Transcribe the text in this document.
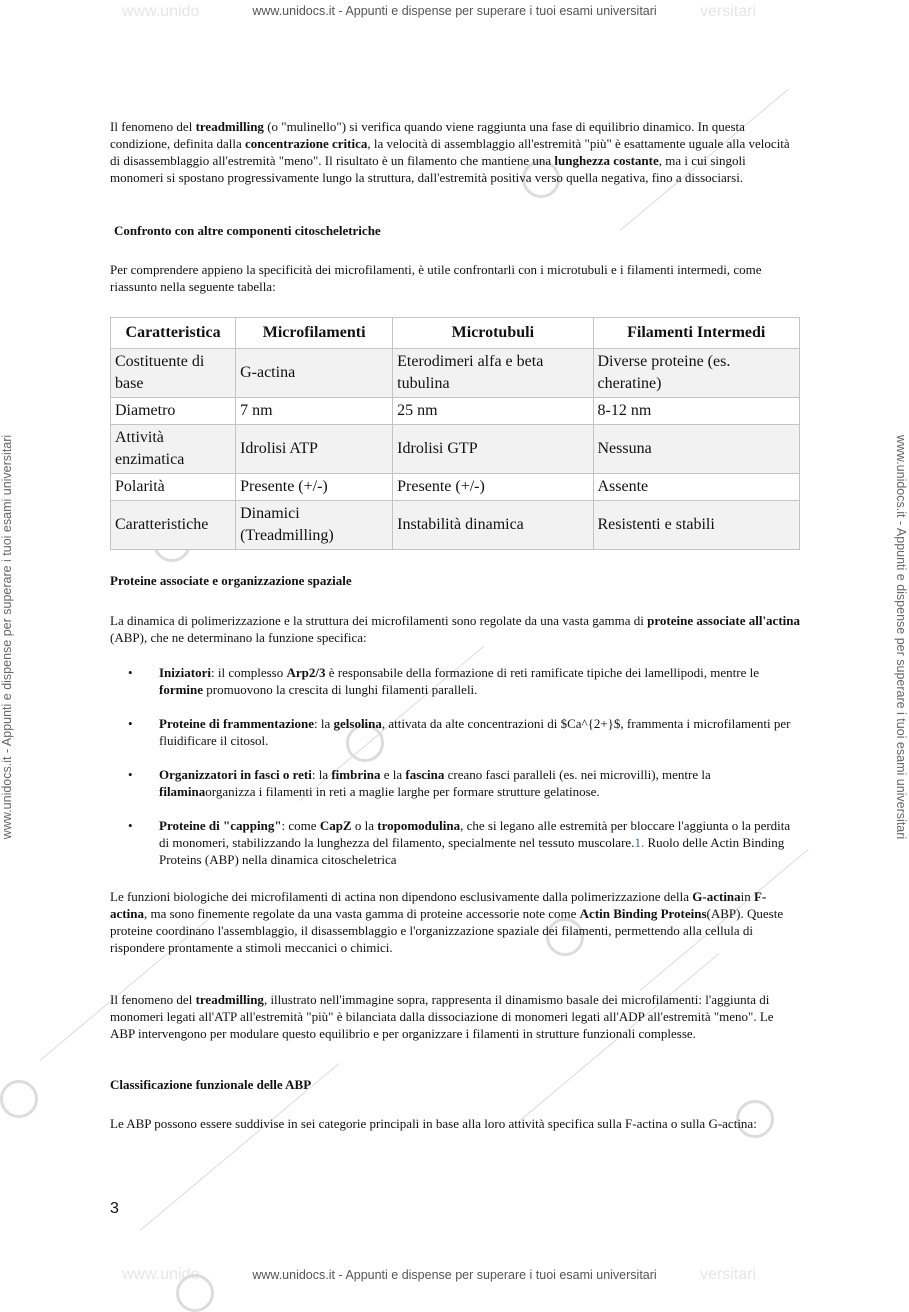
www.unido	versitari
www.unidocs.it - Appunti e dispense per superare i tuoi esami universitari
www.unido	versitari
www.unidocs.it - Appunti e dispense per superare i tuoi esami universitari
www.unidocs.it - Appunti e dispense per superare i tuoi esami universitari	www.unidocs.it - Appunti e dispense per superare i tuoi esami universitari

Il fenomeno del treadmilling (o "mulinello") si verifica quando viene raggiunta una fase di equilibrio dinamico. In questa condizione, definita dalla concentrazione critica, la velocità di assemblaggio all'estremità "più" è esattamente uguale alla velocità di disassemblaggio all'estremità "meno". Il risultato è un filamento che mantiene una lunghezza costante, ma i cui singoli monomeri si spostano progressivamente lungo la struttura, dall'estremità positiva verso quella negativa, fino a dissociarsi.

Confronto con altre componenti citoscheletriche

Per comprendere appieno la specificità dei microfilamenti, è utile confrontarli con i microtubuli e i filamenti intermedi, come riassunto nella seguente tabella:

Caratteristica	Microfilamenti	Microtubuli	Filamenti Intermedi
Costituente di base	G-actina	Eterodimeri alfa e beta tubulina	Diverse proteine (es. cheratine)
Diametro	7 nm	25 nm	8-12 nm
Attività enzimatica	Idrolisi ATP	Idrolisi GTP	Nessuna
Polarità	Presente (+/-)	Presente (+/-)	Assente
Caratteristiche	Dinamici (Treadmilling)	Instabilità dinamica	Resistenti e stabili
Proteine associate e organizzazione spaziale

La dinamica di polimerizzazione e la struttura dei microfilamenti sono regolate da una vasta gamma di proteine associate all'actina (ABP), che ne determinano la funzione specifica:

• Iniziatori: il complesso Arp2/3 è responsabile della formazione di reti ramificate tipiche dei lamellipodi, mentre le formine promuovono la crescita di lunghi filamenti paralleli.
• Proteine di frammentazione: la gelsolina, attivata da alte concentrazioni di $Ca^{2+}$, frammenta i microfilamenti per fluidificare il citosol.
• Organizzatori in fasci o reti: la fimbrina e la fascina creano fasci paralleli (es. nei microvilli), mentre la filaminaorganizza i filamenti in reti a maglie larghe per formare strutture gelatinose.
• Proteine di "capping": come CapZ o la tropomodulina, che si legano alle estremità per bloccare l'aggiunta o la perdita di monomeri, stabilizzando la lunghezza del filamento, specialmente nel tessuto muscolare.1. Ruolo delle Actin Binding Proteins (ABP) nella dinamica citoscheletrica

Le funzioni biologiche dei microfilamenti di actina non dipendono esclusivamente dalla polimerizzazione della G-actinain F-actina, ma sono finemente regolate da una vasta gamma di proteine accessorie note come Actin Binding Proteins(ABP). Queste proteine coordinano l'assemblaggio, il disassemblaggio e l'organizzazione spaziale dei filamenti, permettendo alla cellula di rispondere prontamente a stimoli meccanici o chimici.

Il fenomeno del treadmilling, illustrato nell'immagine sopra, rappresenta il dinamismo basale dei microfilamenti: l'aggiunta di monomeri legati all'ATP all'estremità "più" è bilanciata dalla dissociazione di monomeri legati all'ADP all'estremità "meno". Le ABP intervengono per modulare questo equilibrio e per organizzare i filamenti in strutture funzionali complesse.

Classificazione funzionale delle ABP

Le ABP possono essere suddivise in sei categorie principali in base alla loro attività specifica sulla F-actina o sulla G-actina:

3
